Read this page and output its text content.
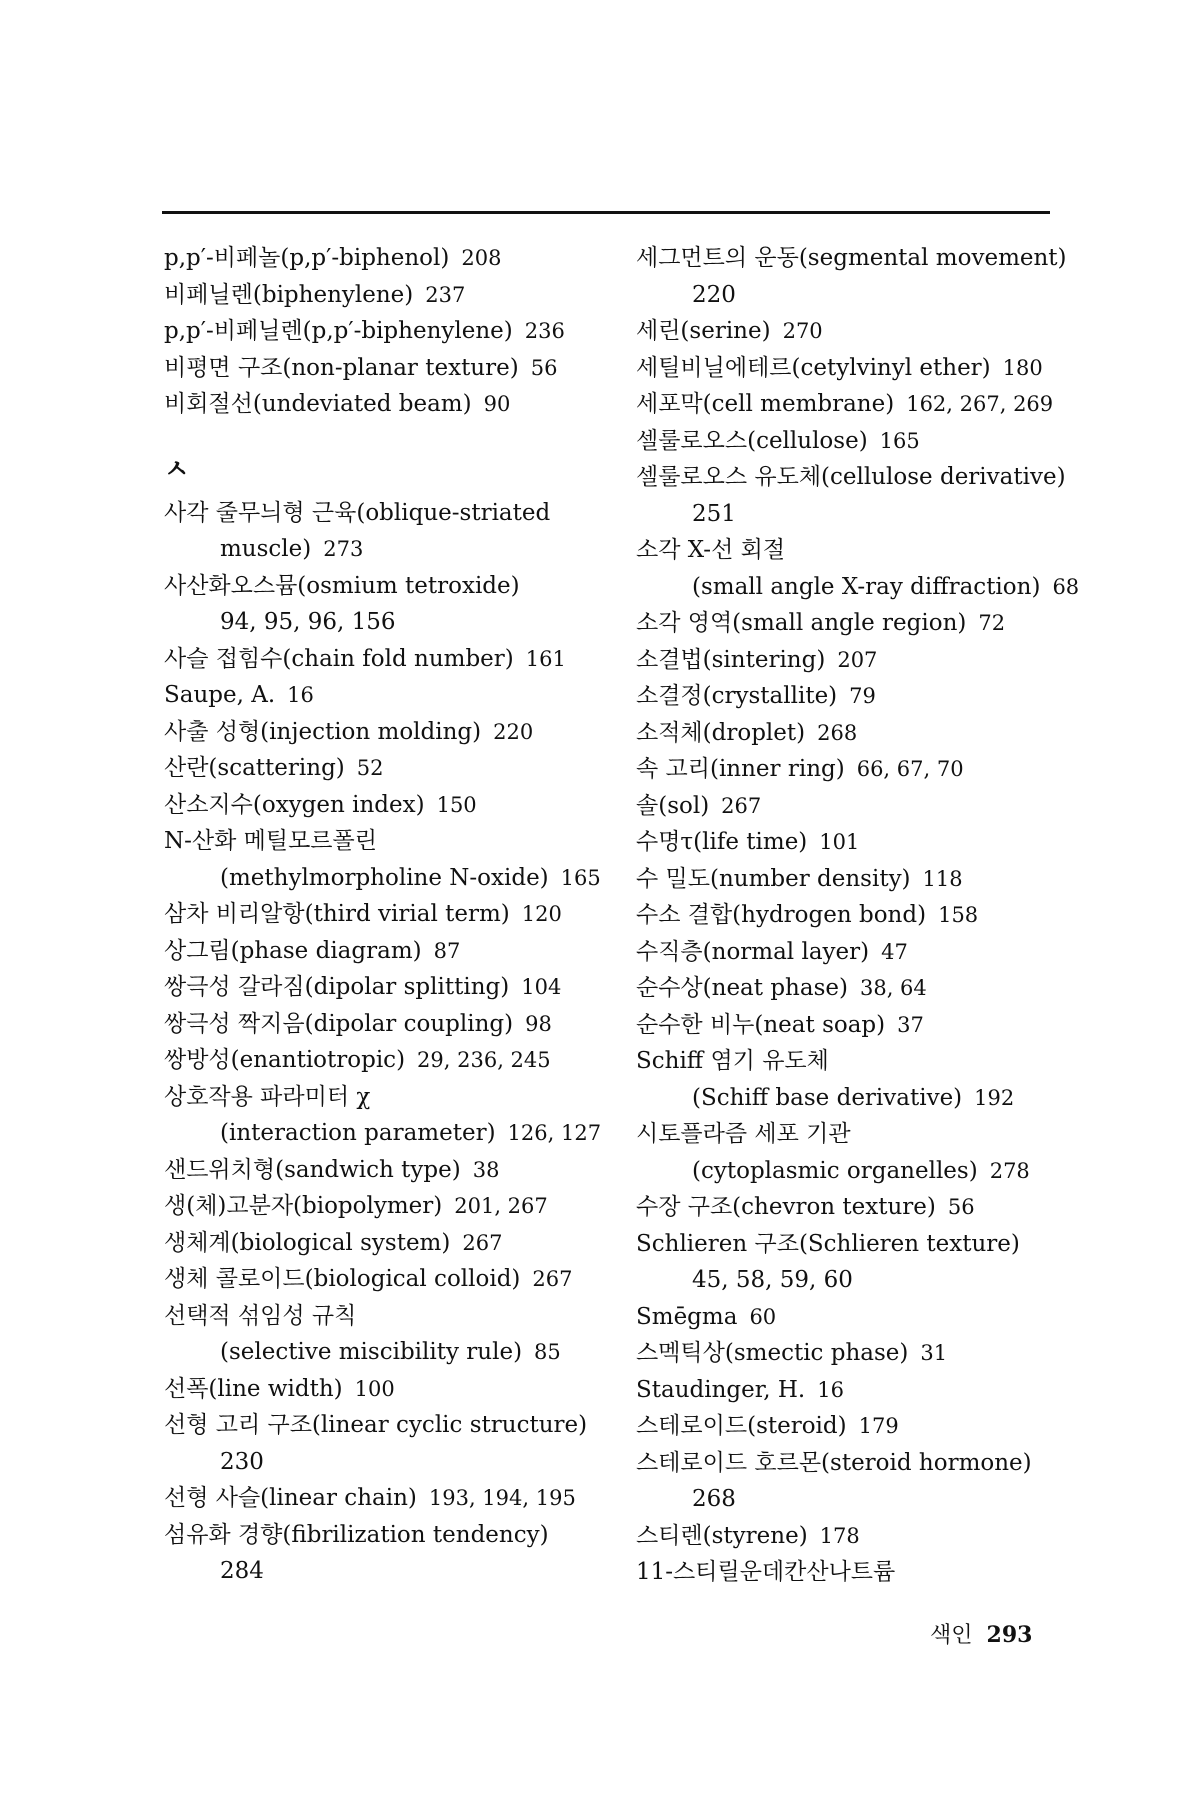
p,p′-비페놀(p,p′-biphenol) 208
비페닐렌(biphenylene) 237
p,p′-비페닐렌(p,p′-biphenylene) 236
비평면 구조(non-planar texture) 56
비회절선(undeviated beam) 90
ㅅ
사각 줄무늬형 근육(oblique-striated
muscle) 273
사산화오스뮴(osmium tetroxide)
94, 95, 96, 156
사슬 접힘수(chain fold number) 161
Saupe, A. 16
사출 성형(injection molding) 220
산란(scattering) 52
산소지수(oxygen index) 150
N-산화 메틸모르폴린
(methylmorpholine N-oxide) 165
삼차 비리알항(third virial term) 120
상그림(phase diagram) 87
쌍극성 갈라짐(dipolar splitting) 104
쌍극성 짝지음(dipolar coupling) 98
쌍방성(enantiotropic) 29, 236, 245
상호작용 파라미터 χ
(interaction parameter) 126, 127
샌드위치형(sandwich type) 38
생(체)고분자(biopolymer) 201, 267
생체계(biological system) 267
생체 콜로이드(biological colloid) 267
선택적 섞임성 규칙
(selective miscibility rule) 85
선폭(line width) 100
선형 고리 구조(linear cyclic structure)
230
선형 사슬(linear chain) 193, 194, 195
섬유화 경향(fibrilization tendency)
284
세그먼트의 운동(segmental movement)
220
세린(serine) 270
세틸비닐에테르(cetylvinyl ether) 180
세포막(cell membrane) 162, 267, 269
셀룰로오스(cellulose) 165
셀룰로오스 유도체(cellulose derivative)
251
소각 X-선 회절
(small angle X-ray diffraction) 68
소각 영역(small angle region) 72
소결법(sintering) 207
소결정(crystallite) 79
소적체(droplet) 268
속 고리(inner ring) 66, 67, 70
솔(sol) 267
수명τ(life time) 101
수 밀도(number density) 118
수소 결합(hydrogen bond) 158
수직층(normal layer) 47
순수상(neat phase) 38, 64
순수한 비누(neat soap) 37
Schiff 염기 유도체
(Schiff base derivative) 192
시토플라즘 세포 기관
(cytoplasmic organelles) 278
수장 구조(chevron texture) 56
Schlieren 구조(Schlieren texture)
45, 58, 59, 60
Smēgma 60
스멕틱상(smectic phase) 31
Staudinger, H. 16
스테로이드(steroid) 179
스테로이드 호르몬(steroid hormone)
268
스티렌(styrene) 178
11-스티릴운데칸산나트륨
색인 293
